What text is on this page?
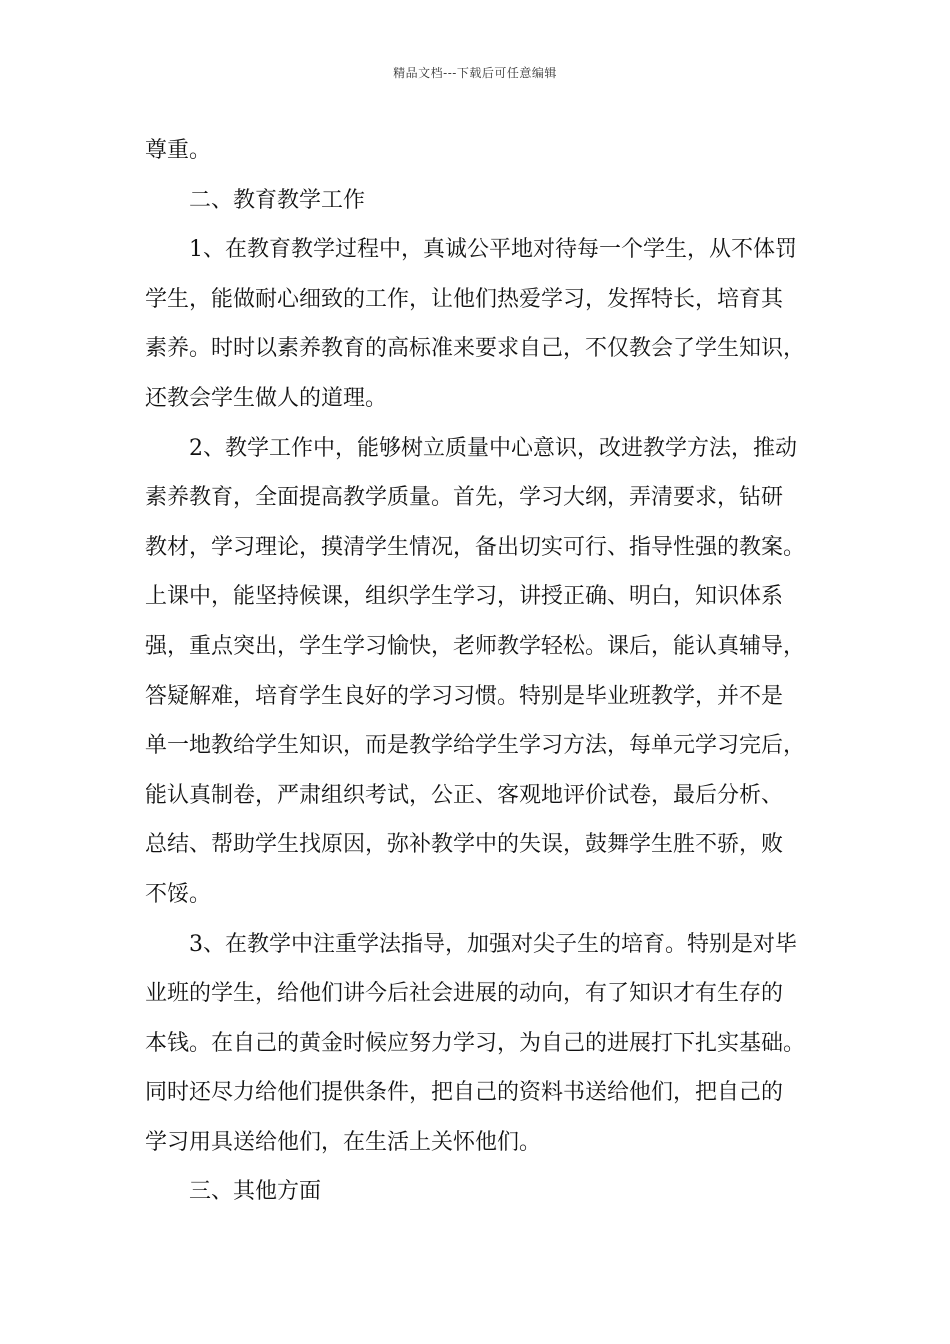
精品文档---下载后可任意编辑
尊重。
二、教育教学工作
1、在教育教学过程中，真诚公平地对待每一个学生，从不体罚
学生，能做耐心细致的工作，让他们热爱学习，发挥特长，培育其
素养。时时以素养教育的高标准来要求自己，不仅教会了学生知识，
还教会学生做人的道理。
2、教学工作中，能够树立质量中心意识，改进教学方法，推动
素养教育，全面提高教学质量。首先，学习大纲，弄清要求，钻研
教材，学习理论，摸清学生情况，备出切实可行、指导性强的教案。
上课中，能坚持候课，组织学生学习，讲授正确、明白，知识体系
强，重点突出，学生学习愉快，老师教学轻松。课后，能认真辅导，
答疑解难，培育学生良好的学习习惯。特别是毕业班教学，并不是
单一地教给学生知识，而是教学给学生学习方法，每单元学习完后，
能认真制卷，严肃组织考试，公正、客观地评价试卷，最后分析、
总结、帮助学生找原因，弥补教学中的失误，鼓舞学生胜不骄，败
不馁。
3、在教学中注重学法指导，加强对尖子生的培育。特别是对毕
业班的学生，给他们讲今后社会进展的动向，有了知识才有生存的
本钱。在自己的黄金时候应努力学习，为自己的进展打下扎实基础。
同时还尽力给他们提供条件，把自己的资料书送给他们，把自己的
学习用具送给他们，在生活上关怀他们。
三、其他方面
